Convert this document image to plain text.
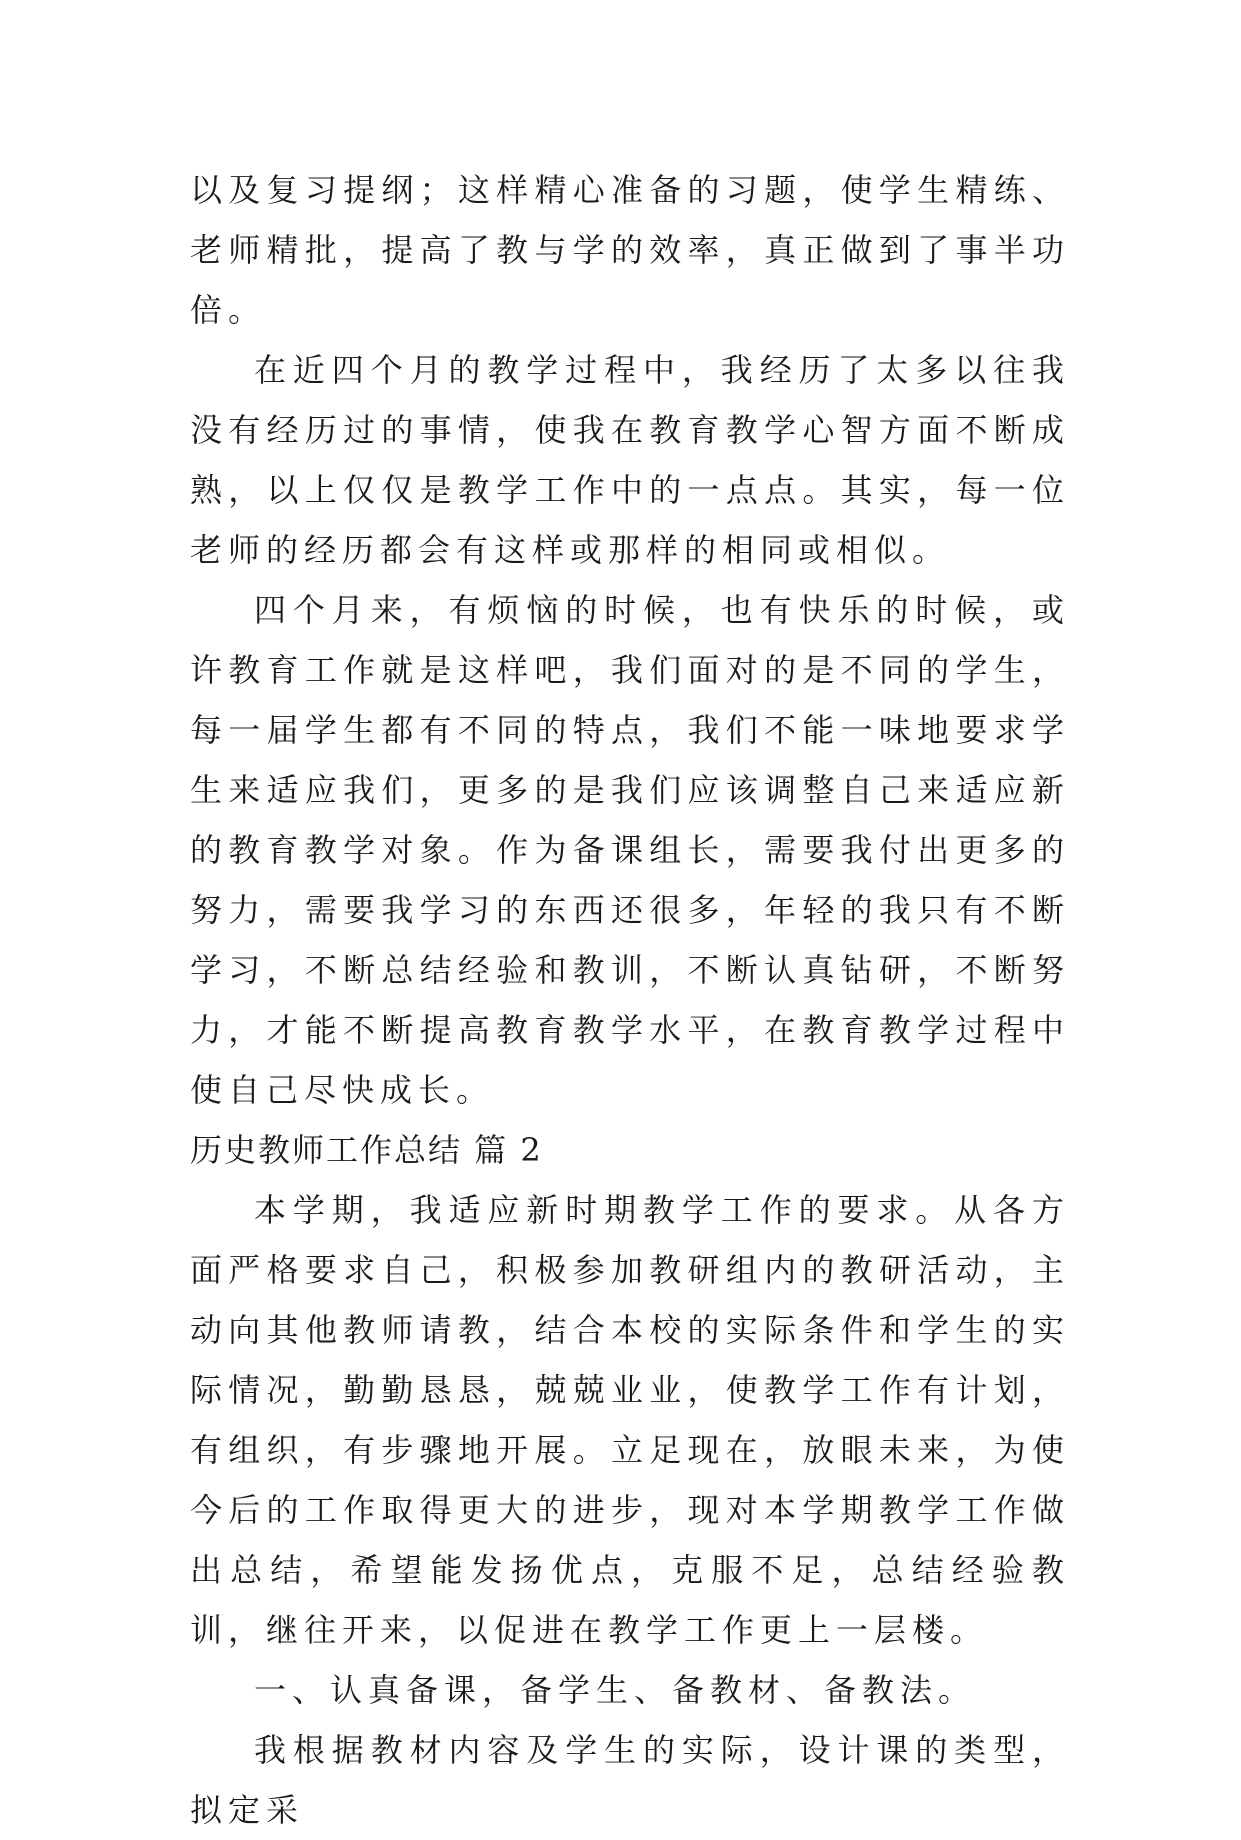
以及复习提纲；这样精心准备的习题，使学生精练、老师精批，提高了教与学的效率，真正做到了事半功倍。

在近四个月的教学过程中，我经历了太多以往我没有经历过的事情，使我在教育教学心智方面不断成熟，以上仅仅是教学工作中的一点点。其实，每一位老师的经历都会有这样或那样的相同或相似。

四个月来，有烦恼的时候，也有快乐的时候，或许教育工作就是这样吧，我们面对的是不同的学生，每一届学生都有不同的特点，我们不能一味地要求学生来适应我们，更多的是我们应该调整自己来适应新的教育教学对象。作为备课组长，需要我付出更多的努力，需要我学习的东西还很多，年轻的我只有不断学习，不断总结经验和教训，不断认真钻研，不断努力，才能不断提高教育教学水平，在教育教学过程中使自己尽快成长。

历史教师工作总结 篇 2

本学期，我适应新时期教学工作的要求。从各方面严格要求自己，积极参加教研组内的教研活动，主动向其他教师请教，结合本校的实际条件和学生的实际情况，勤勤恳恳，兢兢业业，使教学工作有计划，有组织，有步骤地开展。立足现在，放眼未来，为使今后的工作取得更大的进步，现对本学期教学工作做出总结，希望能发扬优点，克服不足，总结经验教训，继往开来，以促进在教学工作更上一层楼。

一、认真备课，备学生、备教材、备教法。

我根据教材内容及学生的实际，设计课的类型，拟定采
